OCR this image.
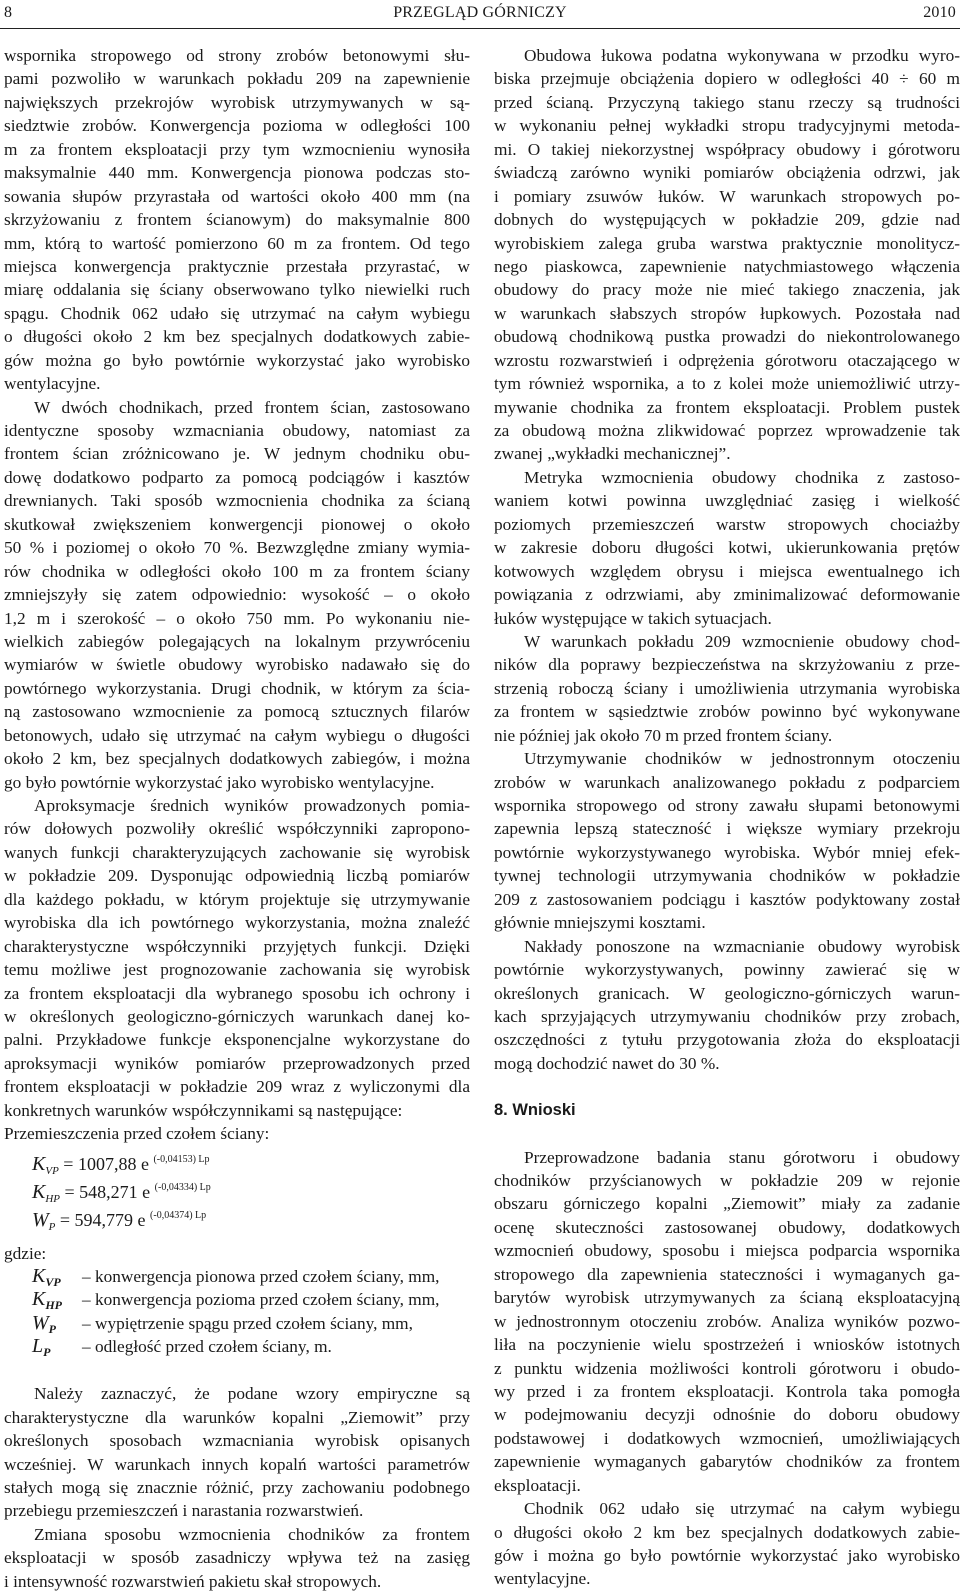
8	PRZEGLĄD GÓRNICZY	2010
wspornika stropowego od strony zrobów betonowymi słu-
pami pozwoliło w warunkach pokładu 209 na zapewnienie
największych przekrojów wyrobisk utrzymywanych w są-
siedztwie zrobów. Konwergencja pozioma w odległości 100
m za frontem eksploatacji przy tym wzmocnieniu wynosiła
maksymalnie 440 mm. Konwergencja pionowa podczas sto-
sowania słupów przyrastała od wartości około 400 mm (na
skrzyżowaniu z frontem ścianowym) do maksymalnie 800
mm, którą to wartość pomierzono 60 m za frontem. Od tego
miejsca konwergencja praktycznie przestała przyrastać, w
miarę oddalania się ściany obserwowano tylko niewielki ruch
spągu. Chodnik 062 udało się utrzymać na całym wybiegu
o długości około 2 km bez specjalnych dodatkowych zabie-
gów można go było powtórnie wykorzystać jako wyrobisko
wentylacyjne.
W dwóch chodnikach, przed frontem ścian, zastosowano
identyczne sposoby wzmacniania obudowy, natomiast za
frontem ścian zróżnicowano je. W jednym chodniku obu-
dowę dodatkowo podparto za pomocą podciągów i kasztów
drewnianych. Taki sposób wzmocnienia chodnika za ścianą
skutkował zwiększeniem konwergencji pionowej o około
50 % i poziomej o około 70 %. Bezwzględne zmiany wymia-
rów chodnika w odległości około 100 m za frontem ściany
zmniejszyły się zatem odpowiednio: wysokość – o około
1,2 m i szerokość – o około 750 mm. Po wykonaniu nie-
wielkich zabiegów polegających na lokalnym przywróceniu
wymiarów w świetle obudowy wyrobisko nadawało się do
powtórnego wykorzystania. Drugi chodnik, w którym za ścia-
ną zastosowano wzmocnienie za pomocą sztucznych filarów
betonowych, udało się utrzymać na całym wybiegu o długości
około 2 km, bez specjalnych dodatkowych zabiegów, i można
go było powtórnie wykorzystać jako wyrobisko wentylacyjne.
Aproksymacje średnich wyników prowadzonych pomia-
rów dołowych pozwoliły określić współczynniki zapropono-
wanych funkcji charakteryzujących zachowanie się wyrobisk
w pokładzie 209. Dysponując odpowiednią liczbą pomiarów
dla każdego pokładu, w którym projektuje się utrzymywanie
wyrobiska dla ich powtórnego wykorzystania, można znaleźć
charakterystyczne współczynniki przyjętych funkcji. Dzięki
temu możliwe jest prognozowanie zachowania się wyrobisk
za frontem eksploatacji dla wybranego sposobu ich ochrony i
w określonych geologiczno-górniczych warunkach danej ko-
palni. Przykładowe funkcje eksponencjalne wykorzystane do
aproksymacji wyników pomiarów przeprowadzonych przed
frontem eksploatacji w pokładzie 209 wraz z wyliczonymi dla
konkretnych warunków współczynnikami są następujące:
Przemieszczenia przed czołem ściany:
$K_{VP} = 1007,88$ e $^{(-0,04153) Lp}$
$K_{HP} = 548,271$ e $^{(-0,04334) Lp}$
$W_P = 594,779$ e $^{(-0,04374) Lp}$
gdzie:
$K_{VP}$ – konwergencja pionowa przed czołem ściany, mm,
$K_{HP}$ – konwergencja pozioma przed czołem ściany, mm,
$W_P$ – wypiętrzenie spągu przed czołem ściany, mm,
$L_P$ – odległość przed czołem ściany, m.
Należy zaznaczyć, że podane wzory empiryczne są
charakterystyczne dla warunków kopalni „Ziemowit” przy
określonych sposobach wzmacniania wyrobisk opisanych
wcześniej. W warunkach innych kopalń wartości parametrów
stałych mogą się znacznie różnić, przy zachowaniu podobnego
przebiegu przemieszczeń i narastania rozwarstwień.
Zmiana sposobu wzmocnienia chodników za frontem
eksploatacji w sposób zasadniczy wpływa też na zasięg
i intensywność rozwarstwień pakietu skał stropowych.
Obudowa łukowa podatna wykonywana w przodku wyro-
biska przejmuje obciążenia dopiero w odległości 40 ÷ 60 m
przed ścianą. Przyczyną takiego stanu rzeczy są trudności
w wykonaniu pełnej wykładki stropu tradycyjnymi metoda-
mi. O takiej niekorzystnej współpracy obudowy i górotworu
świadczą zarówno wyniki pomiarów obciążenia odrzwi, jak
i pomiary zsuwów łuków. W warunkach stropowych po-
dobnych do występujących w pokładzie 209, gdzie nad
wyrobiskiem zalega gruba warstwa praktycznie monolitycz-
nego piaskowca, zapewnienie natychmiastowego włączenia
obudowy do pracy może nie mieć takiego znaczenia, jak
w warunkach słabszych stropów łupkowych. Pozostała nad
obudową chodnikową pustka prowadzi do niekontrolowanego
wzrostu rozwarstwień i odprężenia górotworu otaczającego w
tym również wspornika, a to z kolei może uniemożliwić utrzy-
mywanie chodnika za frontem eksploatacji. Problem pustek
za obudową można zlikwidować poprzez wprowadzenie tak
zwanej „wykładki mechanicznej”.
Metryka wzmocnienia obudowy chodnika z zastoso-
waniem kotwi powinna uwzględniać zasięg i wielkość
poziomych przemieszczeń warstw stropowych chociażby
w zakresie doboru długości kotwi, ukierunkowania prętów
kotwowych względem obrysu i miejsca ewentualnego ich
powiązania z odrzwiami, aby zminimalizować deformowanie
łuków występujące w takich sytuacjach.
W warunkach pokładu 209 wzmocnienie obudowy chod-
ników dla poprawy bezpieczeństwa na skrzyżowaniu z prze-
strzenią roboczą ściany i umożliwienia utrzymania wyrobiska
za frontem w sąsiedztwie zrobów powinno być wykonywane
nie później jak około 70 m przed frontem ściany.
Utrzymywanie chodników w jednostronnym otoczeniu
zrobów w warunkach analizowanego pokładu z podparciem
wspornika stropowego od strony zawału słupami betonowymi
zapewnia lepszą stateczność i większe wymiary przekroju
powtórnie wykorzystywanego wyrobiska. Wybór mniej efek-
tywnej technologii utrzymywania chodników w pokładzie
209 z zastosowaniem podciągu i kasztów podyktowany został
głównie mniejszymi kosztami.
Nakłady ponoszone na wzmacnianie obudowy wyrobisk
powtórnie wykorzystywanych, powinny zawierać się w
określonych granicach. W geologiczno-górniczych warun-
kach sprzyjających utrzymywaniu chodników przy zrobach,
oszczędności z tytułu przygotowania złoża do eksploatacji
mogą dochodzić nawet do 30 %.
8. Wnioski
Przeprowadzone badania stanu górotworu i obudowy
chodników przyścianowych w pokładzie 209 w rejonie
obszaru górniczego kopalni „Ziemowit” miały za zadanie
ocenę skuteczności zastosowanej obudowy, dodatkowych
wzmocnień obudowy, sposobu i miejsca podparcia wspornika
stropowego dla zapewnienia stateczności i wymaganych ga-
barytów wyrobisk utrzymywanych za ścianą eksploatacyjną
w jednostronnym otoczeniu zrobów. Analiza wyników pozwo-
liła na poczynienie wielu spostrzeżeń i wniosków istotnych
z punktu widzenia możliwości kontroli górotworu i obudo-
wy przed i za frontem eksploatacji. Kontrola taka pomogła
w podejmowaniu decyzji odnośnie do doboru obudowy
podstawowej i dodatkowych wzmocnień, umożliwiających
zapewnienie wymaganych gabarytów chodników za frontem
eksploatacji.
Chodnik 062 udało się utrzymać na całym wybiegu
o długości około 2 km bez specjalnych dodatkowych zabie-
gów i można go było powtórnie wykorzystać jako wyrobisko
wentylacyjne.
